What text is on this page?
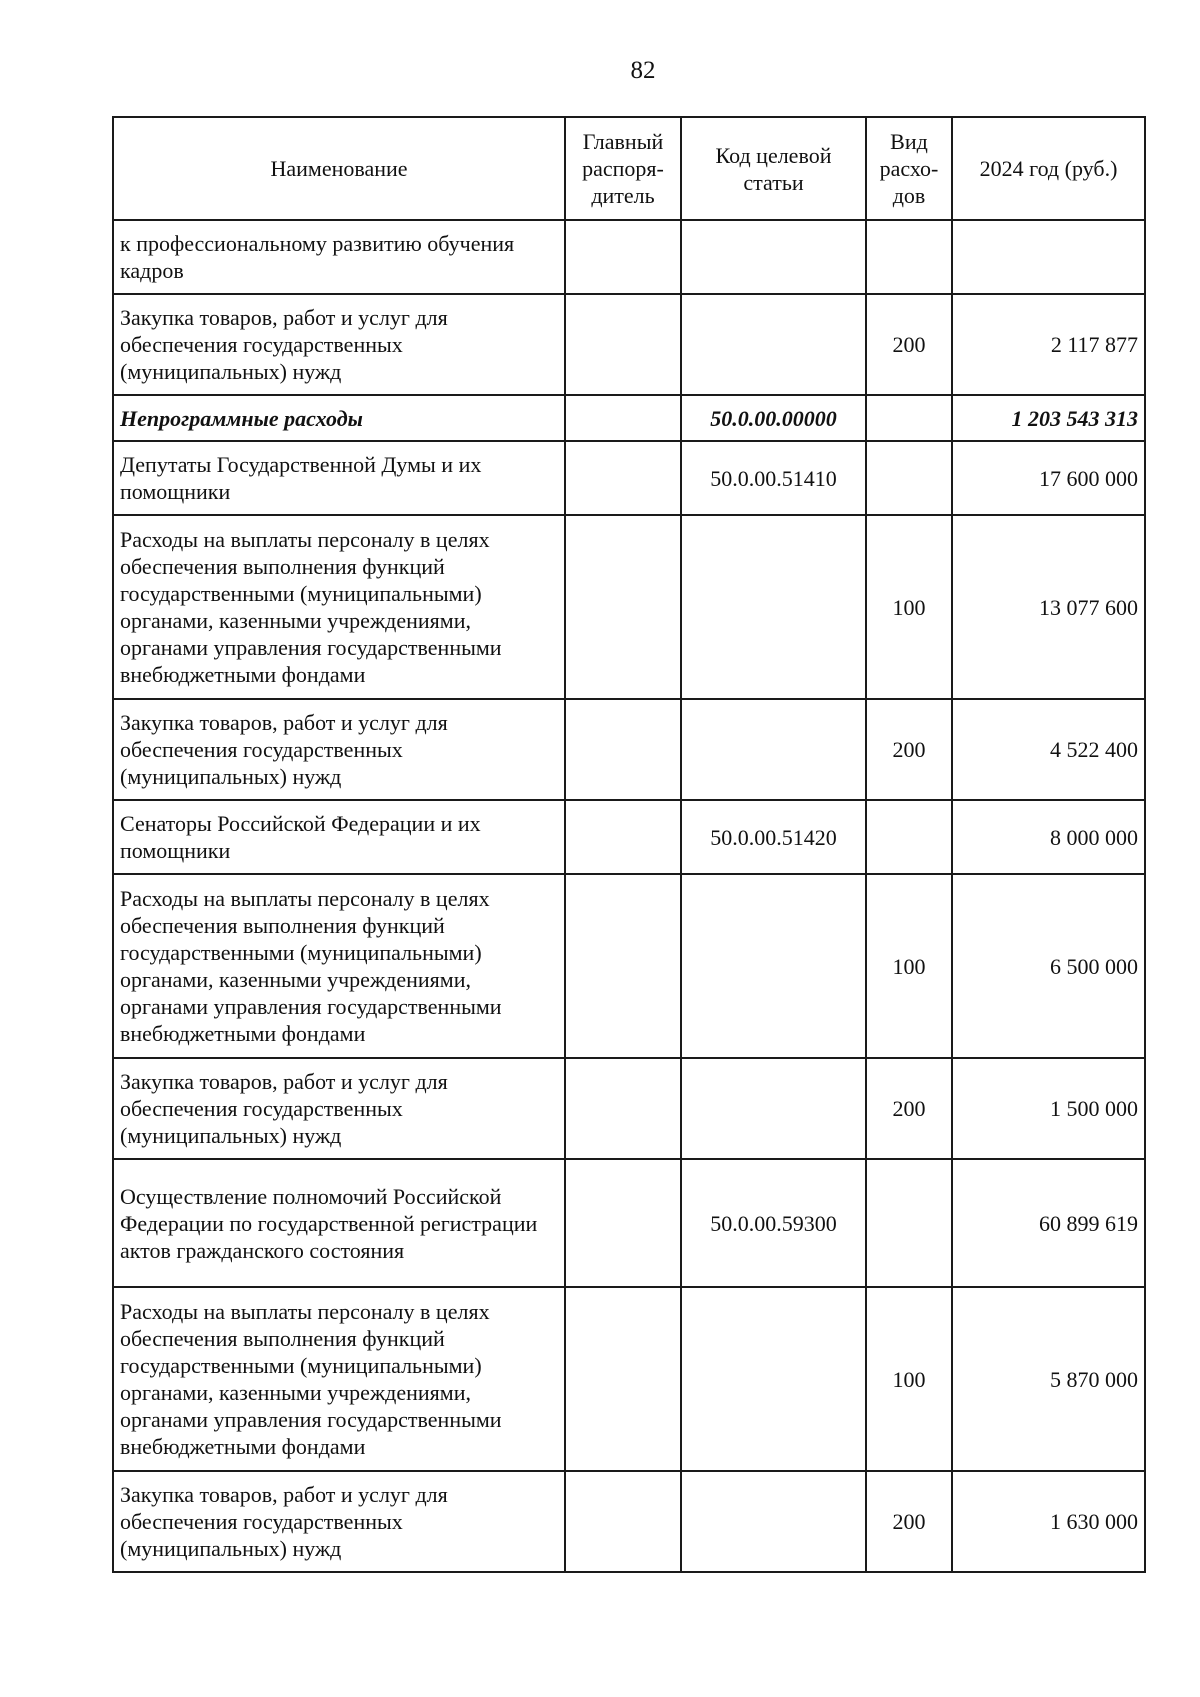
82
Наименование	Главный распоря-дитель	Код целевой статьи	Вид расхо-дов	2024 год (руб.)
к профессиональному развитию обучения кадров				
Закупка товаров, работ и услуг для обеспечения государственных (муниципальных) нужд			200	2 117 877
Непрограммные расходы		50.0.00.00000		1 203 543 313
Депутаты Государственной Думы и их помощники		50.0.00.51410		17 600 000
Расходы на выплаты персоналу в целях обеспечения выполнения функций государственными (муниципальными) органами, казенными учреждениями, органами управления государственными внебюджетными фондами			100	13 077 600
Закупка товаров, работ и услуг для обеспечения государственных (муниципальных) нужд			200	4 522 400
Сенаторы Российской Федерации и их помощники		50.0.00.51420		8 000 000
Расходы на выплаты персоналу в целях обеспечения выполнения функций государственными (муниципальными) органами, казенными учреждениями, органами управления государственными внебюджетными фондами			100	6 500 000
Закупка товаров, работ и услуг для обеспечения государственных (муниципальных) нужд			200	1 500 000
Осуществление полномочий Российской Федерации по государственной регистрации актов гражданского состояния		50.0.00.59300		60 899 619
Расходы на выплаты персоналу в целях обеспечения выполнения функций государственными (муниципальными) органами, казенными учреждениями, органами управления государственными внебюджетными фондами			100	5 870 000
Закупка товаров, работ и услуг для обеспечения государственных (муниципальных) нужд			200	1 630 000
